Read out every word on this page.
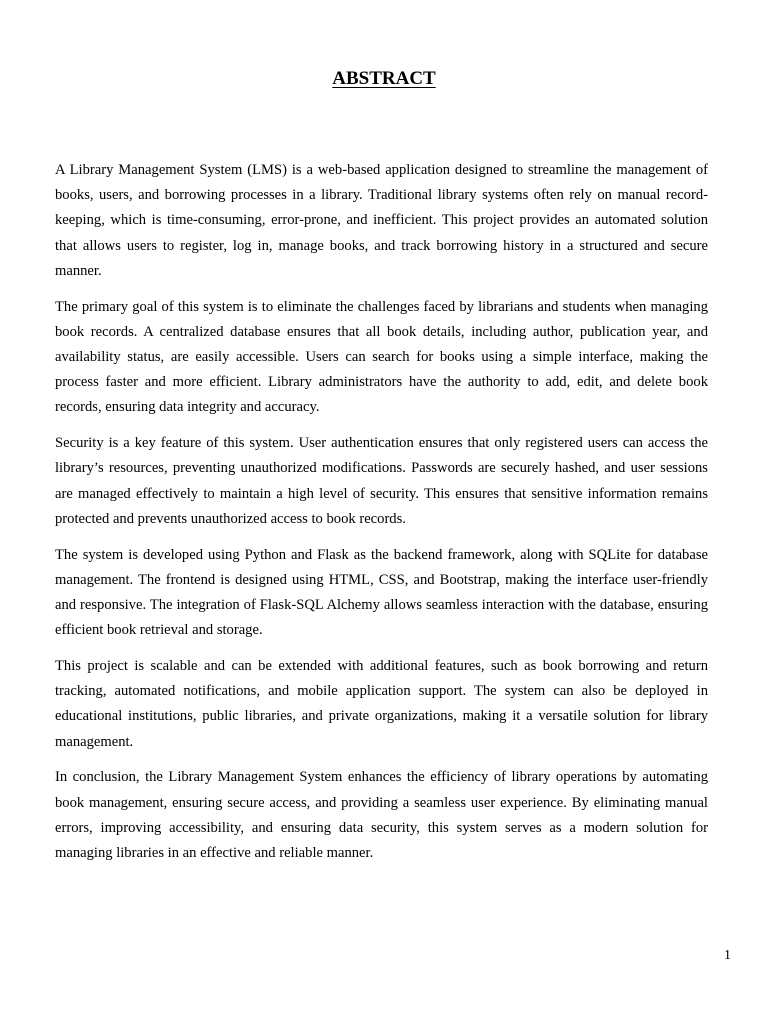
ABSTRACT

A Library Management System (LMS) is a web-based application designed to streamline the management of books, users, and borrowing processes in a library. Traditional library systems often rely on manual record-keeping, which is time-consuming, error-prone, and inefficient. This project provides an automated solution that allows users to register, log in, manage books, and track borrowing history in a structured and secure manner.

The primary goal of this system is to eliminate the challenges faced by librarians and students when managing book records. A centralized database ensures that all book details, including author, publication year, and availability status, are easily accessible. Users can search for books using a simple interface, making the process faster and more efficient. Library administrators have the authority to add, edit, and delete book records, ensuring data integrity and accuracy.

Security is a key feature of this system. User authentication ensures that only registered users can access the library’s resources, preventing unauthorized modifications. Passwords are securely hashed, and user sessions are managed effectively to maintain a high level of security. This ensures that sensitive information remains protected and prevents unauthorized access to book records.

The system is developed using Python and Flask as the backend framework, along with SQLite for database management. The frontend is designed using HTML, CSS, and Bootstrap, making the interface user-friendly and responsive. The integration of Flask-SQL Alchemy allows seamless interaction with the database, ensuring efficient book retrieval and storage.

This project is scalable and can be extended with additional features, such as book borrowing and return tracking, automated notifications, and mobile application support. The system can also be deployed in educational institutions, public libraries, and private organizations, making it a versatile solution for library management.

In conclusion, the Library Management System enhances the efficiency of library operations by automating book management, ensuring secure access, and providing a seamless user experience. By eliminating manual errors, improving accessibility, and ensuring data security, this system serves as a modern solution for managing libraries in an effective and reliable manner.

1
